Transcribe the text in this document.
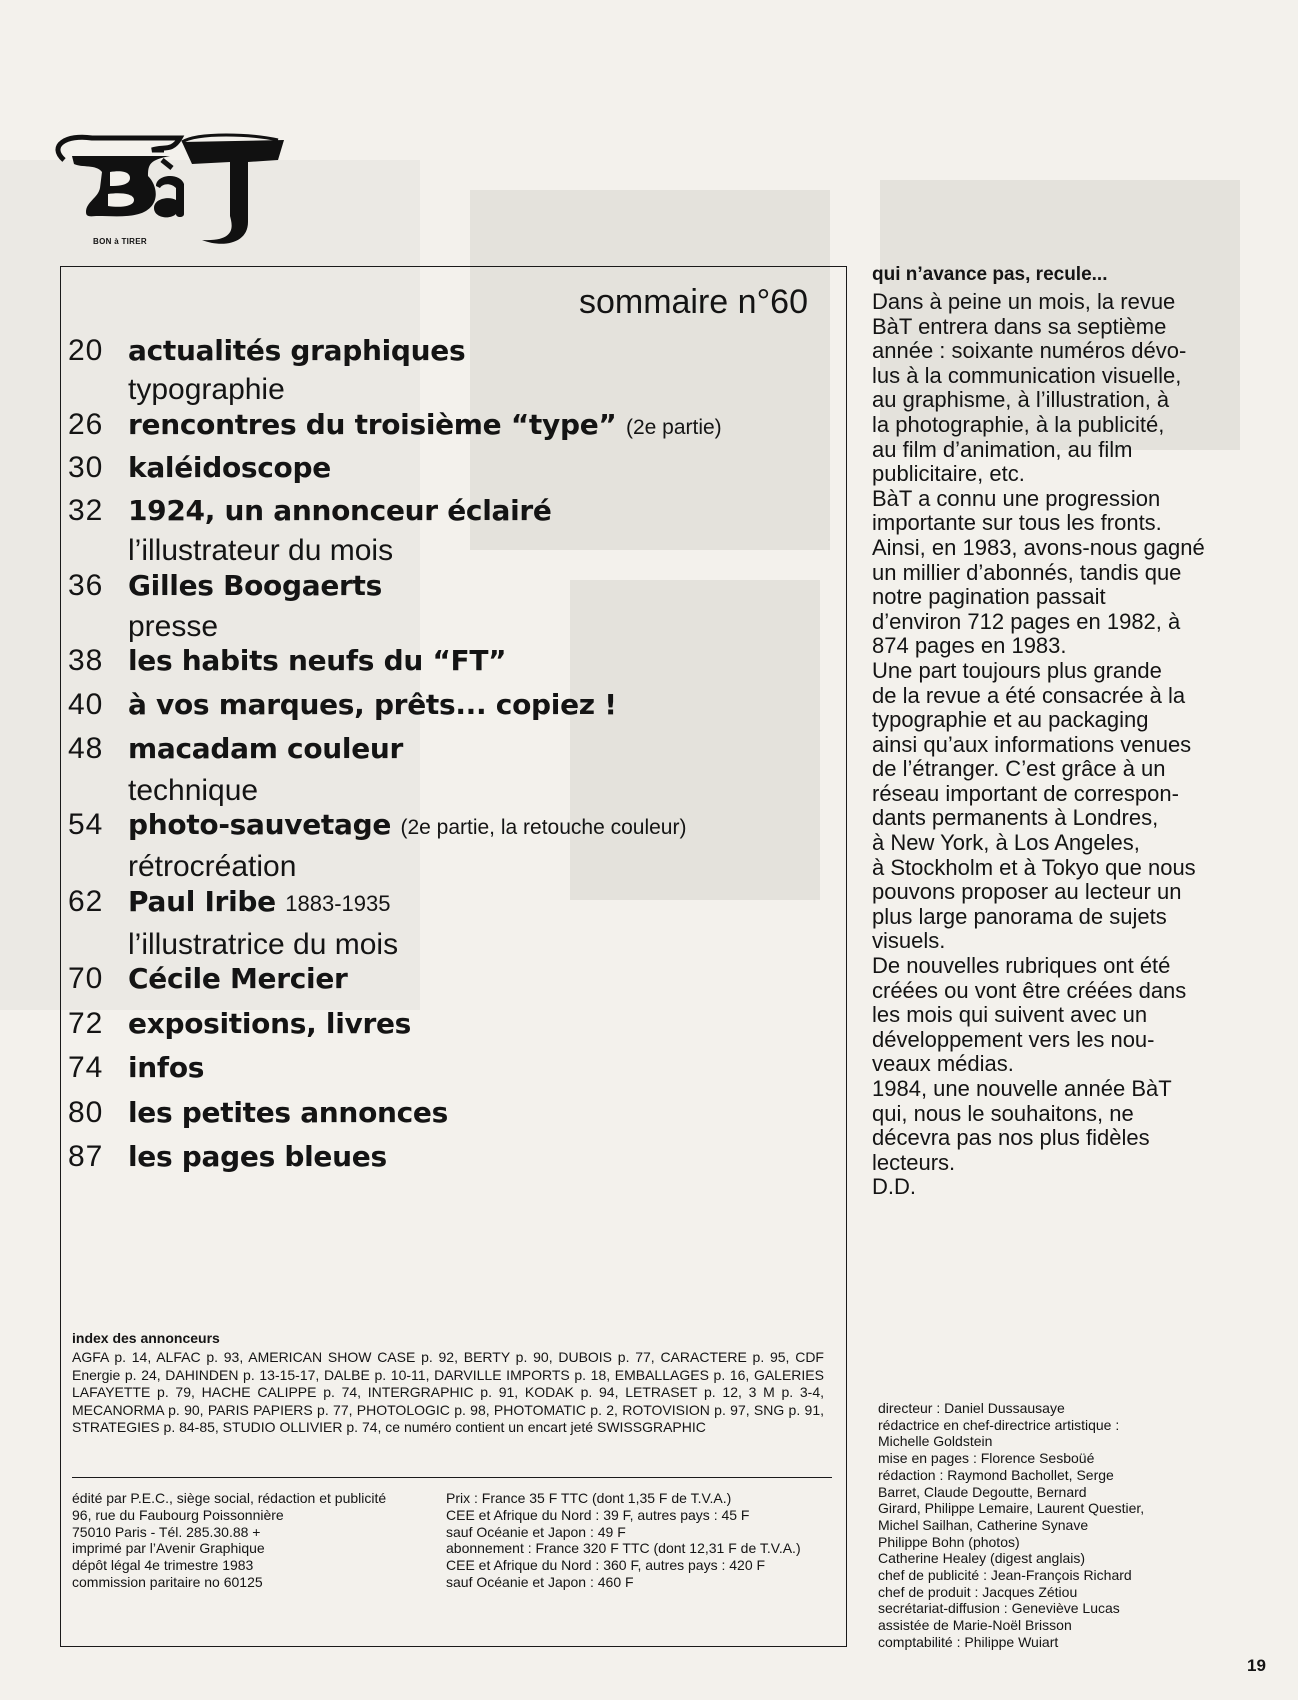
BON à TIRER
sommaire n°60
20 actualités graphiques
typographie
26 rencontres du troisième “type” (2e partie)
30 kaléidoscope
32 1924, un annonceur éclairé
l’illustrateur du mois
36 Gilles Boogaerts
presse
38 les habits neufs du “FT”
40 à vos marques, prêts... copiez !
48 macadam couleur
technique
54 photo-sauvetage (2e partie, la retouche couleur)
rétrocréation
62 Paul Iribe 1883-1935
l’illustratrice du mois
70 Cécile Mercier
72 expositions, livres
74 infos
80 les petites annonces
87 les pages bleues
index des annonceurs
AGFA p. 14, ALFAC p. 93, AMERICAN SHOW CASE p. 92, BERTY p. 90, DUBOIS p. 77, CARACTERE p. 95, CDF Energie p. 24, DAHINDEN p. 13-15-17, DALBE p. 10-11, DARVILLE IMPORTS p. 18, EMBALLAGES p. 16, GALERIES LAFAYETTE p. 79, HACHE CALIPPE p. 74, INTERGRAPHIC p. 91, KODAK p. 94, LETRASET p. 12, 3 M p. 3-4, MECANORMA p. 90, PARIS PAPIERS p. 77, PHOTOLOGIC p. 98, PHOTOMATIC p. 2, ROTOVISION p. 97, SNG p. 91, STRATEGIES p. 84-85, STUDIO OLLIVIER p. 74, ce numéro contient un encart jeté SWISSGRAPHIC
édité par P.E.C., siège social, rédaction et publicité
96, rue du Faubourg Poissonnière
75010 Paris - Tél. 285.30.88 +
imprimé par l’Avenir Graphique
dépôt légal 4e trimestre 1983
commission paritaire no 60125
Prix : France 35 F TTC (dont 1,35 F de T.V.A.)
CEE et Afrique du Nord : 39 F, autres pays : 45 F
sauf Océanie et Japon : 49 F
abonnement : France 320 F TTC (dont 12,31 F de T.V.A.)
CEE et Afrique du Nord : 360 F, autres pays : 420 F
sauf Océanie et Japon : 460 F
qui n’avance pas, recule...
Dans à peine un mois, la revue
BàT entrera dans sa septième
année : soixante numéros dévo-
lus à la communication visuelle,
au graphisme, à l’illustration, à
la photographie, à la publicité,
au film d’animation, au film
publicitaire, etc.
BàT a connu une progression
importante sur tous les fronts.
Ainsi, en 1983, avons-nous gagné
un millier d’abonnés, tandis que
notre pagination passait
d’environ 712 pages en 1982, à
874 pages en 1983.
Une part toujours plus grande
de la revue a été consacrée à la
typographie et au packaging
ainsi qu’aux informations venues
de l’étranger. C’est grâce à un
réseau important de correspon-
dants permanents à Londres,
à New York, à Los Angeles,
à Stockholm et à Tokyo que nous
pouvons proposer au lecteur un
plus large panorama de sujets
visuels.
De nouvelles rubriques ont été
créées ou vont être créées dans
les mois qui suivent avec un
développement vers les nou-
veaux médias.
1984, une nouvelle année BàT
qui, nous le souhaitons, ne
décevra pas nos plus fidèles
lecteurs.
D.D.
directeur : Daniel Dussausaye
rédactrice en chef-directrice artistique :
Michelle Goldstein
mise en pages : Florence Sesboüé
rédaction : Raymond Bachollet, Serge
Barret, Claude Degoutte, Bernard
Girard, Philippe Lemaire, Laurent Questier,
Michel Sailhan, Catherine Synave
Philippe Bohn (photos)
Catherine Healey (digest anglais)
chef de publicité : Jean-François Richard
chef de produit : Jacques Zétiou
secrétariat-diffusion : Geneviève Lucas
assistée de Marie-Noël Brisson
comptabilité : Philippe Wuiart
19
